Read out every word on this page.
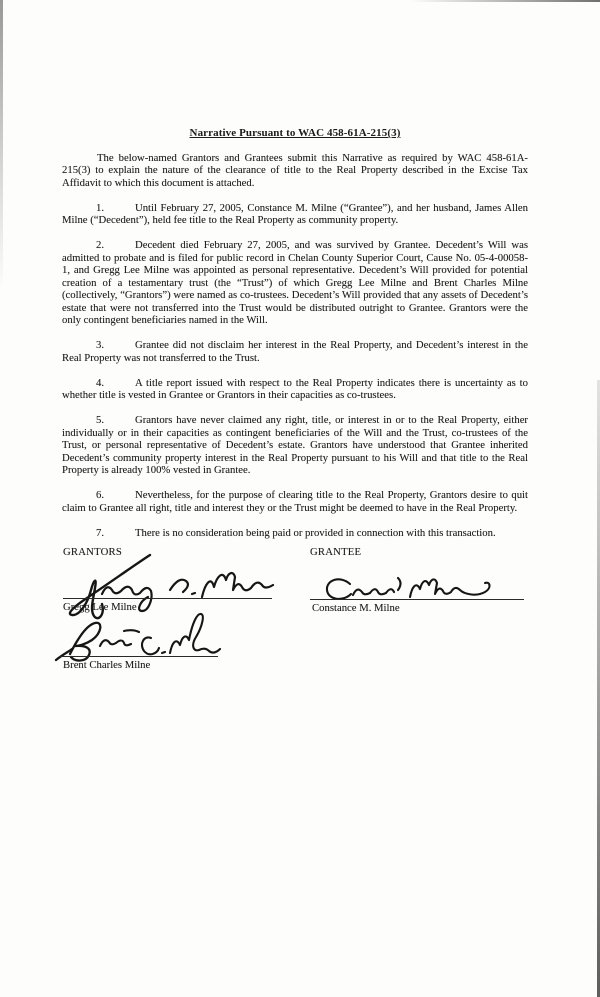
Narrative Pursuant to WAC 458-61A-215(3)

The below-named Grantors and Grantees submit this Narrative as required by WAC 458-61A-215(3) to explain the nature of the clearance of title to the Real Property described in the Excise Tax Affidavit to which this document is attached.

1.	Until February 27, 2005, Constance M. Milne (“Grantee”), and her husband, James Allen Milne (“Decedent”), held fee title to the Real Property as community property.

2.	Decedent died February 27, 2005, and was survived by Grantee. Decedent’s Will was admitted to probate and is filed for public record in Chelan County Superior Court, Cause No. 05-4-00058-1, and Gregg Lee Milne was appointed as personal representative. Decedent’s Will provided for potential creation of a testamentary trust (the “Trust”) of which Gregg Lee Milne and Brent Charles Milne (collectively, “Grantors”) were named as co-trustees. Decedent’s Will provided that any assets of Decedent’s estate that were not transferred into the Trust would be distributed outright to Grantee. Grantors were the only contingent beneficiaries named in the Will.

3.	Grantee did not disclaim her interest in the Real Property, and Decedent’s interest in the Real Property was not transferred to the Trust.

4.	A title report issued with respect to the Real Property indicates there is uncertainty as to whether title is vested in Grantee or Grantors in their capacities as co-trustees.

5.	Grantors have never claimed any right, title, or interest in or to the Real Property, either individually or in their capacities as contingent beneficiaries of the Will and the Trust, co-trustees of the Trust, or personal representative of Decedent’s estate. Grantors have understood that Grantee inherited Decedent’s community property interest in the Real Property pursuant to his Will and that title to the Real Property is already 100% vested in Grantee.

6.	Nevertheless, for the purpose of clearing title to the Real Property, Grantors desire to quit claim to Grantee all right, title and interest they or the Trust might be deemed to have in the Real Property.

7.	There is no consideration being paid or provided in connection with this transaction.

GRANTORS	GRANTEE
Gregg Lee Milne
Brent Charles Milne
Constance M. Milne
